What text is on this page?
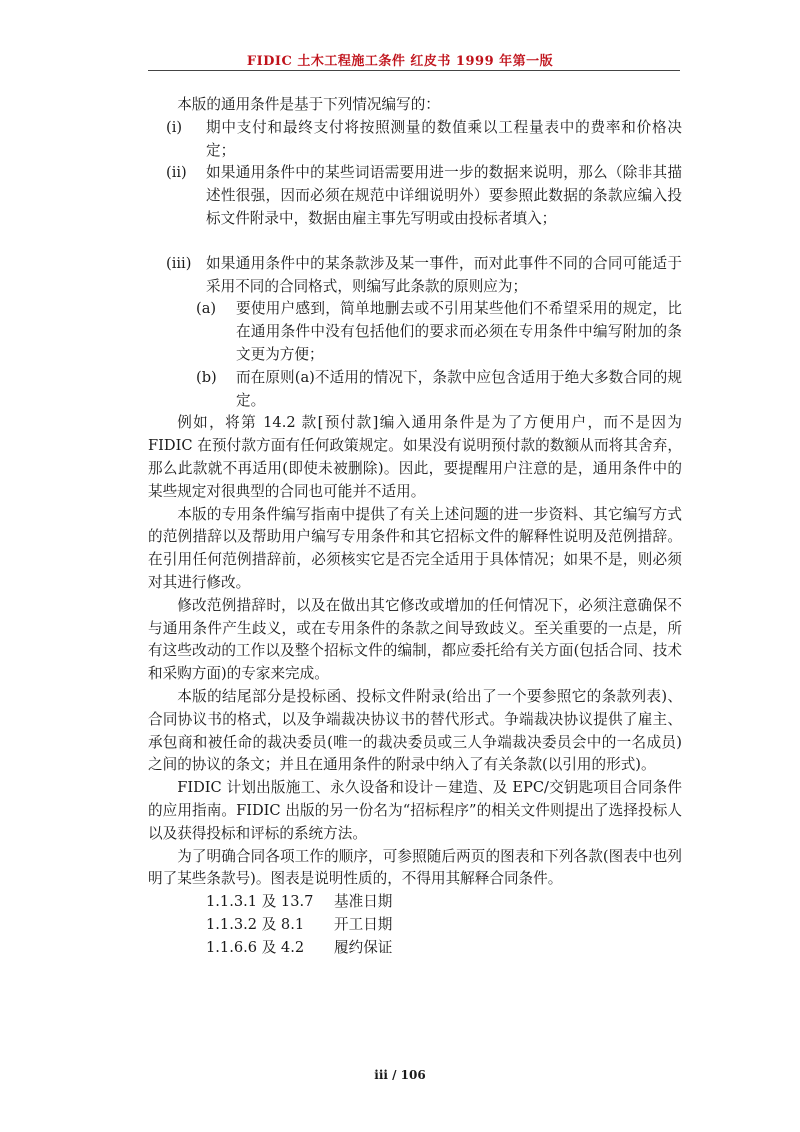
FIDIC 土木工程施工条件 红皮书 1999 年第一版

本版的通用条件是基于下列情况编写的：

(i)	期中支付和最终支付将按照测量的数值乘以工程量表中的费率和价格决定；
(ii)	如果通用条件中的某些词语需要用进一步的数据来说明，那么（除非其描述性很强，因而必须在规范中详细说明外）要参照此数据的条款应编入投标文件附录中，数据由雇主事先写明或由投标者填入；
(iii)	如果通用条件中的某条款涉及某一事件，而对此事件不同的合同可能适于采用不同的合同格式，则编写此条款的原则应为；
(a)	要使用户感到，简单地删去或不引用某些他们不希望采用的规定，比在通用条件中没有包括他们的要求而必须在专用条件中编写附加的条文更为方便；
(b)	而在原则(a)不适用的情况下，条款中应包含适用于绝大多数合同的规定。

例如，将第 14.2 款[预付款]编入通用条件是为了方便用户，而不是因为 FIDIC 在预付款方面有任何政策规定。如果没有说明预付款的数额从而将其舍弃，那么此款就不再适用(即使未被删除)。因此，要提醒用户注意的是，通用条件中的某些规定对很典型的合同也可能并不适用。

本版的专用条件编写指南中提供了有关上述问题的进一步资料、其它编写方式的范例措辞以及帮助用户编写专用条件和其它招标文件的解释性说明及范例措辞。在引用任何范例措辞前，必须核实它是否完全适用于具体情况；如果不是，则必须对其进行修改。

修改范例措辞时，以及在做出其它修改或增加的任何情况下，必须注意确保不与通用条件产生歧义，或在专用条件的条款之间导致歧义。至关重要的一点是，所有这些改动的工作以及整个招标文件的编制，都应委托给有关方面(包括合同、技术和采购方面)的专家来完成。

本版的结尾部分是投标函、投标文件附录(给出了一个要参照它的条款列表)、合同协议书的格式，以及争端裁决协议书的替代形式。争端裁决协议提供了雇主、承包商和被任命的裁决委员(唯一的裁决委员或三人争端裁决委员会中的一名成员)之间的协议的条文；并且在通用条件的附录中纳入了有关条款(以引用的形式)。

FIDIC 计划出版施工、永久设备和设计－建造、及 EPC/交钥匙项目合同条件的应用指南。FIDIC 出版的另一份名为“招标程序”的相关文件则提出了选择投标人以及获得投标和评标的系统方法。

为了明确合同各项工作的顺序，可参照随后两页的图表和下列各款(图表中也列明了某些条款号)。图表是说明性质的，不得用其解释合同条件。

1.1.3.1 及 13.7	基准日期
1.1.3.2 及 8.1	开工日期
1.1.6.6 及 4.2	履约保证
iii / 106
